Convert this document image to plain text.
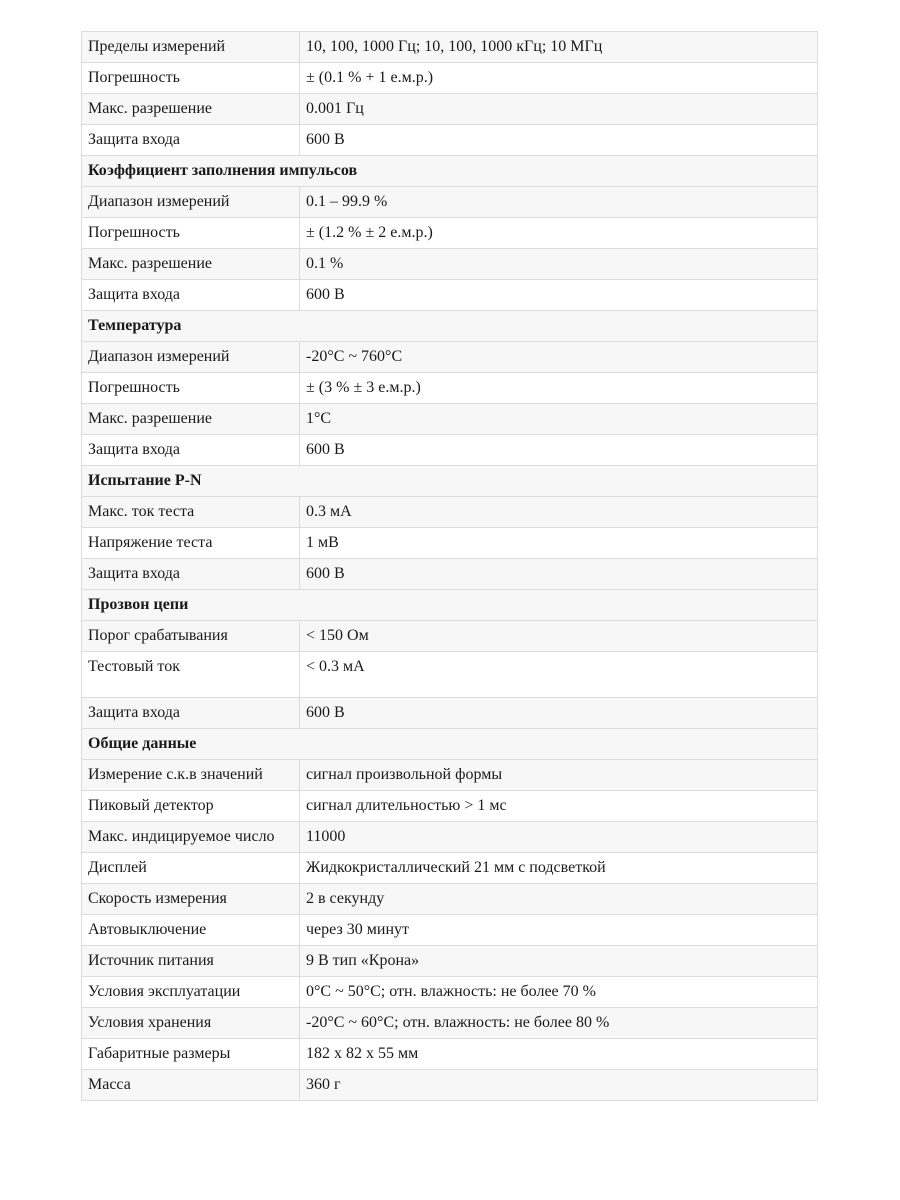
Пределы измерений	10, 100, 1000 Гц; 10, 100, 1000 кГц; 10 МГц
Погрешность	± (0.1 % + 1 е.м.р.)
Макс. разрешение	0.001 Гц
Защита входа	600 В
Коэффициент заполнения импульсов	
Диапазон измерений	0.1 – 99.9 %
Погрешность	± (1.2 % ± 2 е.м.р.)
Макс. разрешение	0.1 %
Защита входа	600 В
Температура	
Диапазон измерений	-20°C ~ 760°C
Погрешность	± (3 % ± 3 е.м.р.)
Макс. разрешение	1°C
Защита входа	600 В
Испытание P-N	
Макс. ток теста	0.3 мА
Напряжение теста	1 мВ
Защита входа	600 В
Прозвон цепи	
Порог срабатывания	< 150 Ом
Тестовый ток	< 0.3 мА
Защита входа	600 В
Общие данные	
Измерение с.к.в значений	сигнал произвольной формы
Пиковый детектор	сигнал длительностью > 1 мс
Макс. индицируемое число	11000
Дисплей	Жидкокристаллический 21 мм с подсветкой
Скорость измерения	2 в секунду
Автовыключение	через 30 минут
Источник питания	9 В тип «Крона»
Условия эксплуатации	0°C ~ 50°C; отн. влажность: не более 70 %
Условия хранения	-20°C ~ 60°C; отн. влажность: не более 80 %
Габаритные размеры	182 x 82 x 55 мм
Масса	360 г
